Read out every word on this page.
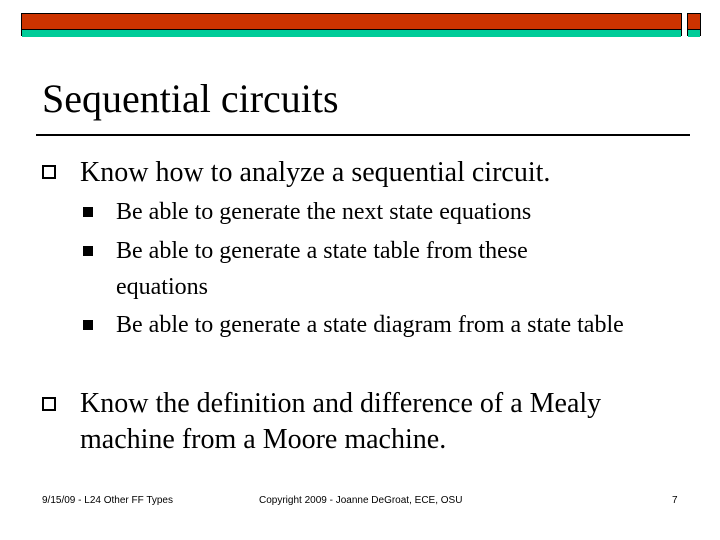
Sequential circuits
Know how to analyze a sequential circuit.
Be able to generate the next state equations
Be able to generate a state table from these equations
Be able to generate a state diagram from a state table
Know the definition and difference of a Mealy machine from a Moore machine.
9/15/09 - L24 Other FF Types	Copyright 2009 - Joanne DeGroat, ECE, OSU	7
